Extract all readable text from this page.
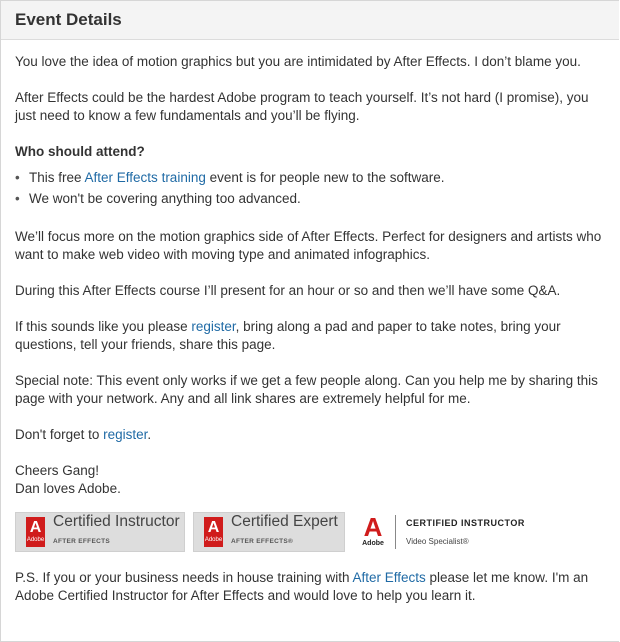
Event Details

You love the idea of motion graphics but you are intimidated by After Effects. I don’t blame you.

After Effects could be the hardest Adobe program to teach yourself. It’s not hard (I promise), you just need to know a few fundamentals and you’ll be flying.

Who should attend?

• This free After Effects training event is for people new to the software.
• We won't be covering anything too advanced.

We’ll focus more on the motion graphics side of After Effects. Perfect for designers and artists who want to make web video with moving type and animated infographics.

During this After Effects course I’ll present for an hour or so and then we’ll have some Q&A.

If this sounds like you please register, bring along a pad and paper to take notes, bring your questions, tell your friends, share this page.

Special note: This event only works if we get a few people along. Can you help me by sharing this page with your network. Any and all link shares are extremely helpful for me.

Don't forget to register.

Cheers Gang!
Dan loves Adobe.

A
Adobe
Certified Instructor
AFTER EFFECTS
A
Adobe
Certified Expert
AFTER EFFECTS®	A
Adobe
CERTIFIED INSTRUCTOR
Video Specialist®

P.S. If you or your business needs in house training with After Effects please let me know. I'm an Adobe Certified Instructor for After Effects and would love to help you learn it.
